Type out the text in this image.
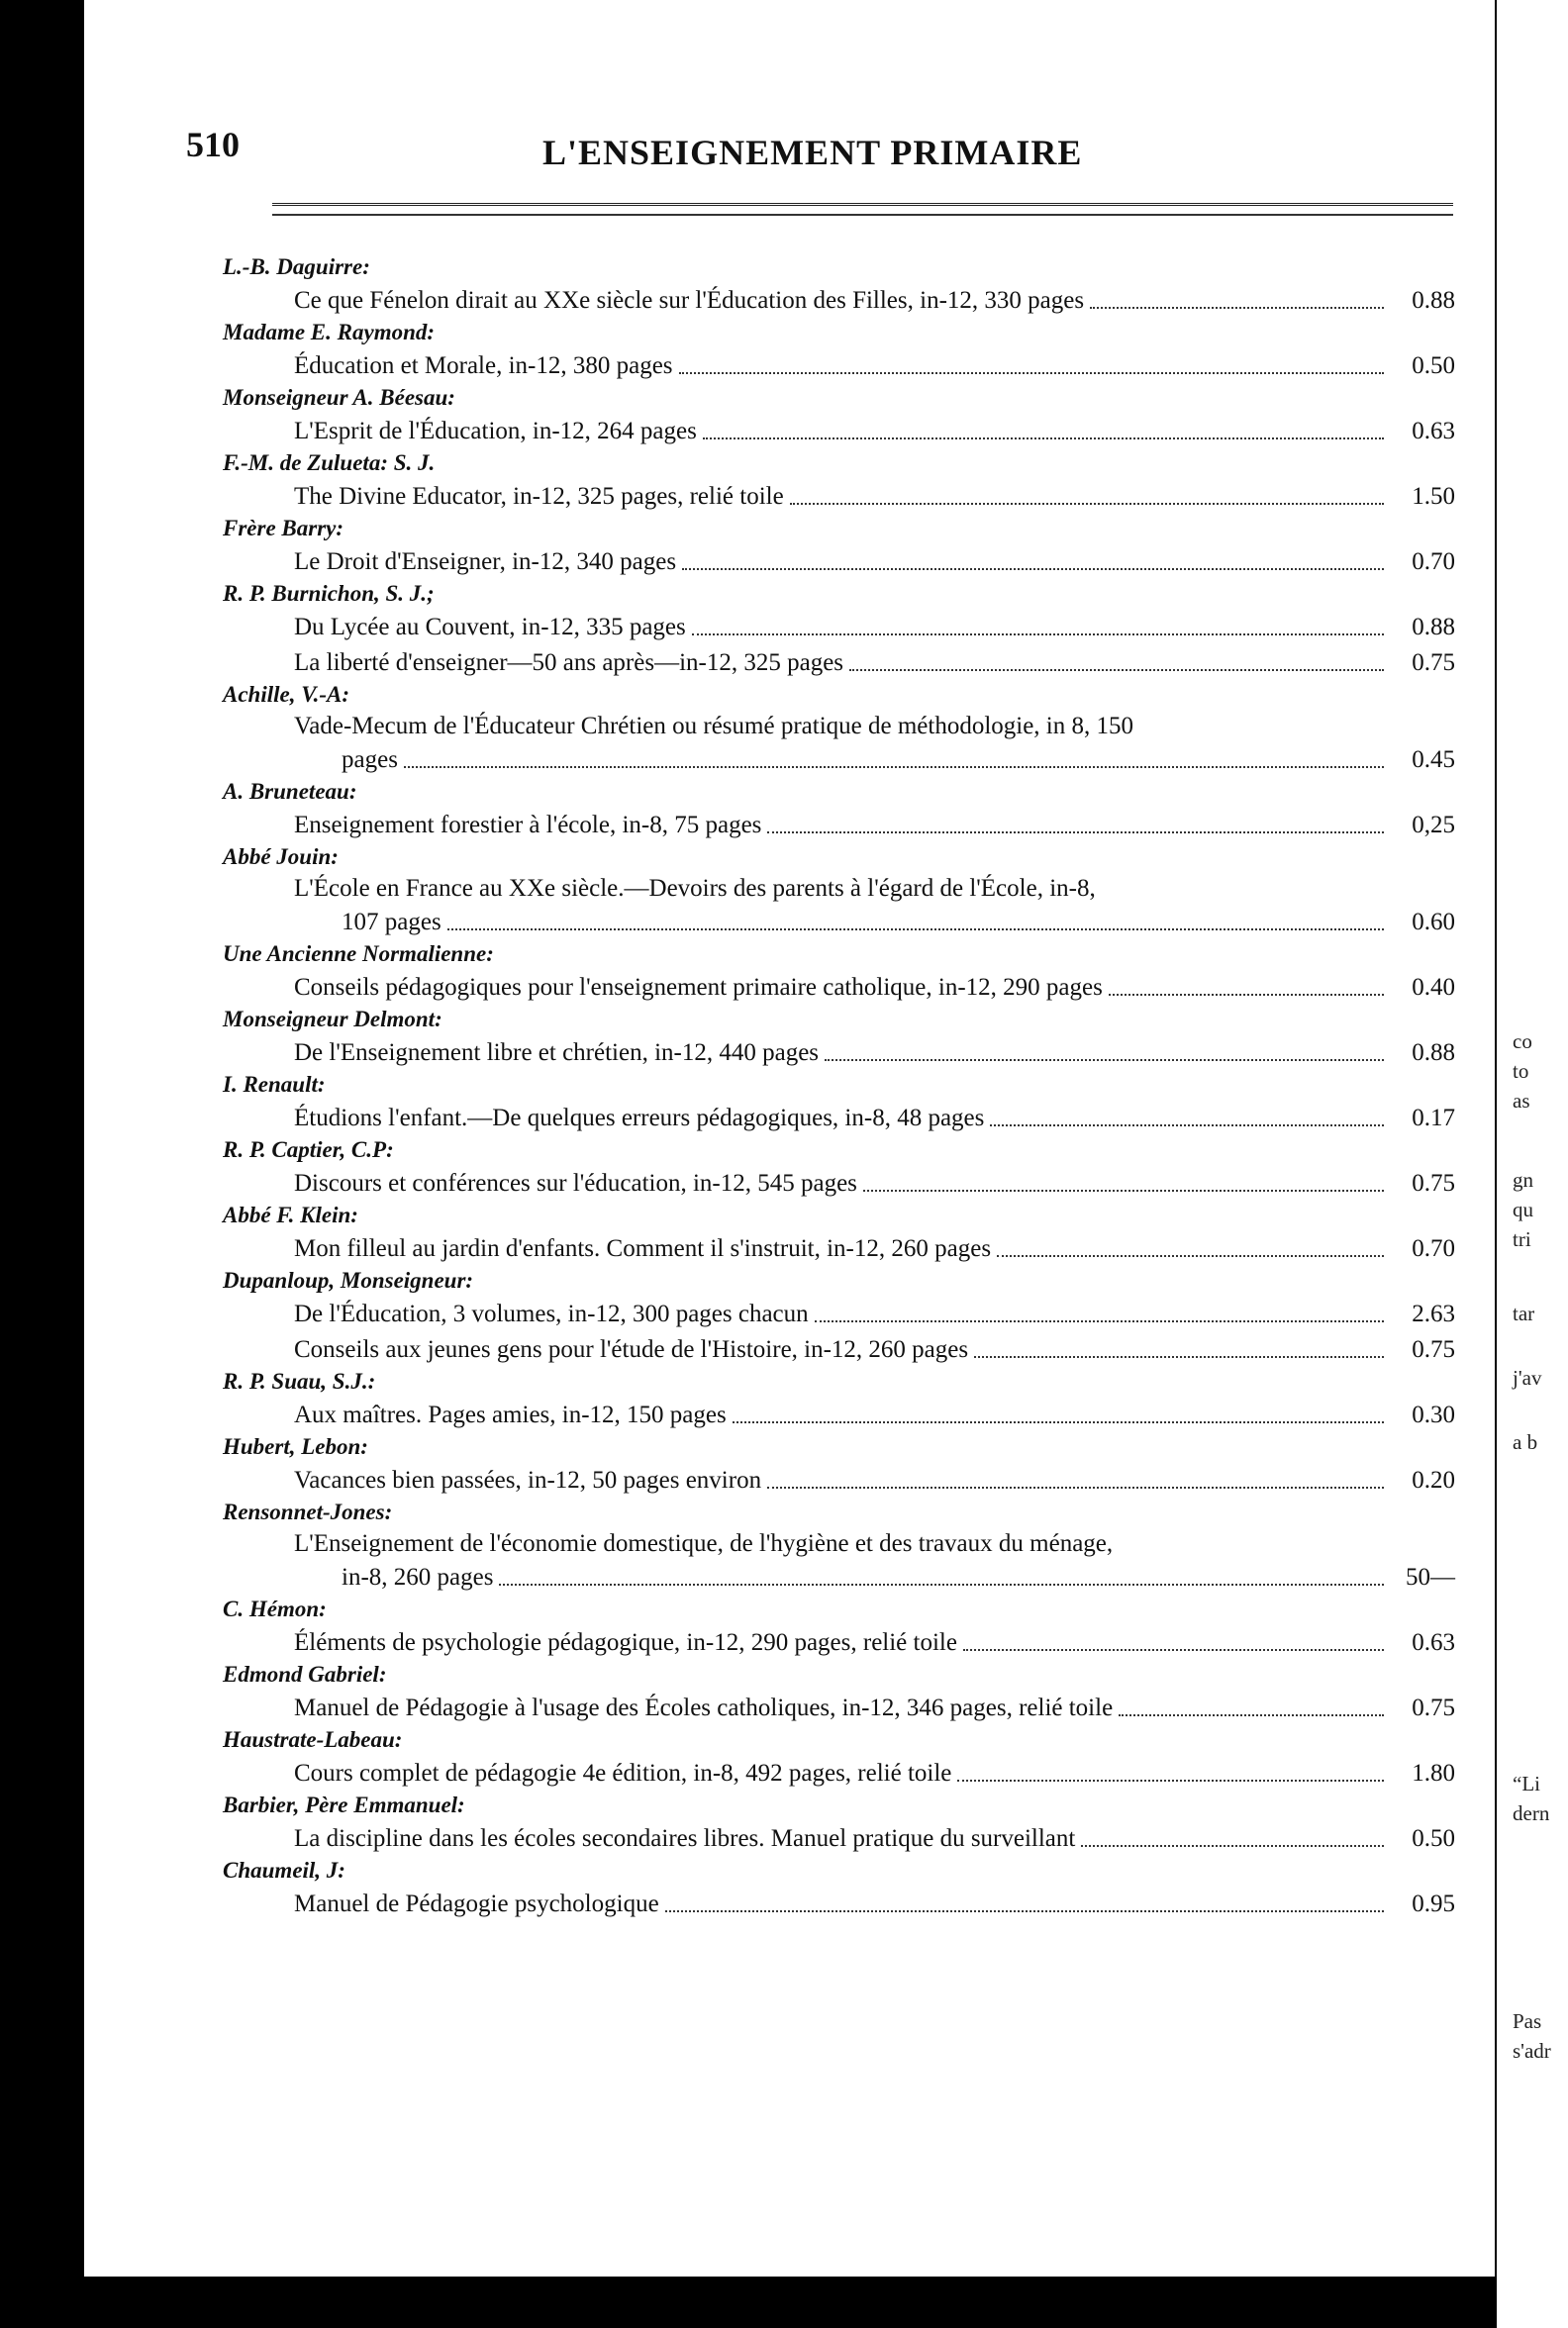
510	L'ENSEIGNEMENT PRIMAIRE
L.-B. Daguirre:
Ce que Fénelon dirait au XXe siècle sur l'Éducation des Filles, in-12, 330 pages	0.88
Madame E. Raymond:
Éducation et Morale, in-12, 380 pages	0.50
Monseigneur A. Béesau:
L'Esprit de l'Éducation, in-12, 264 pages	0.63
F.-M. de Zulueta: S. J.
The Divine Educator, in-12, 325 pages, relié toile	1.50
Frère Barry:
Le Droit d'Enseigner, in-12, 340 pages	0.70
R. P. Burnichon, S. J.;
Du Lycée au Couvent, in-12, 335 pages	0.88
La liberté d'enseigner—50 ans après—in-12, 325 pages	0.75
Achille, V.-A:
Vade-Mecum de l'Éducateur Chrétien ou résumé pratique de méthodologie, in 8, 150
pages	0.45
A. Bruneteau:
Enseignement forestier à l'école, in-8, 75 pages	0,25
Abbé Jouin:
L'École en France au XXe siècle.—Devoirs des parents à l'égard de l'École, in-8,
107 pages	0.60
Une Ancienne Normalienne:
Conseils pédagogiques pour l'enseignement primaire catholique, in-12, 290 pages	0.40
Monseigneur Delmont:
De l'Enseignement libre et chrétien, in-12, 440 pages	0.88
I. Renault:
Étudions l'enfant.—De quelques erreurs pédagogiques, in-8, 48 pages	0.17
R. P. Captier, C.P:
Discours et conférences sur l'éducation, in-12, 545 pages	0.75
Abbé F. Klein:
Mon filleul au jardin d'enfants. Comment il s'instruit, in-12, 260 pages	0.70
Dupanloup, Monseigneur:
De l'Éducation, 3 volumes, in-12, 300 pages chacun	2.63
Conseils aux jeunes gens pour l'étude de l'Histoire, in-12, 260 pages	0.75
R. P. Suau, S.J.:
Aux maîtres. Pages amies, in-12, 150 pages	0.30
Hubert, Lebon:
Vacances bien passées, in-12, 50 pages environ	0.20
Rensonnet-Jones:
L'Enseignement de l'économie domestique, de l'hygiène et des travaux du ménage,
in-8, 260 pages	50—
C. Hémon:
Éléments de psychologie pédagogique, in-12, 290 pages, relié toile	0.63
Edmond Gabriel:
Manuel de Pédagogie à l'usage des Écoles catholiques, in-12, 346 pages, relié toile	0.75
Haustrate-Labeau:
Cours complet de pédagogie 4e édition, in-8, 492 pages, relié toile	1.80
Barbier, Père Emmanuel:
La discipline dans les écoles secondaires libres. Manuel pratique du surveillant	0.50
Chaumeil, J:
Manuel de Pédagogie psychologique	0.95
co
to
as
gn
qu
tri
tar
j'av
a b
“Li
dern
Pas
s'adr
